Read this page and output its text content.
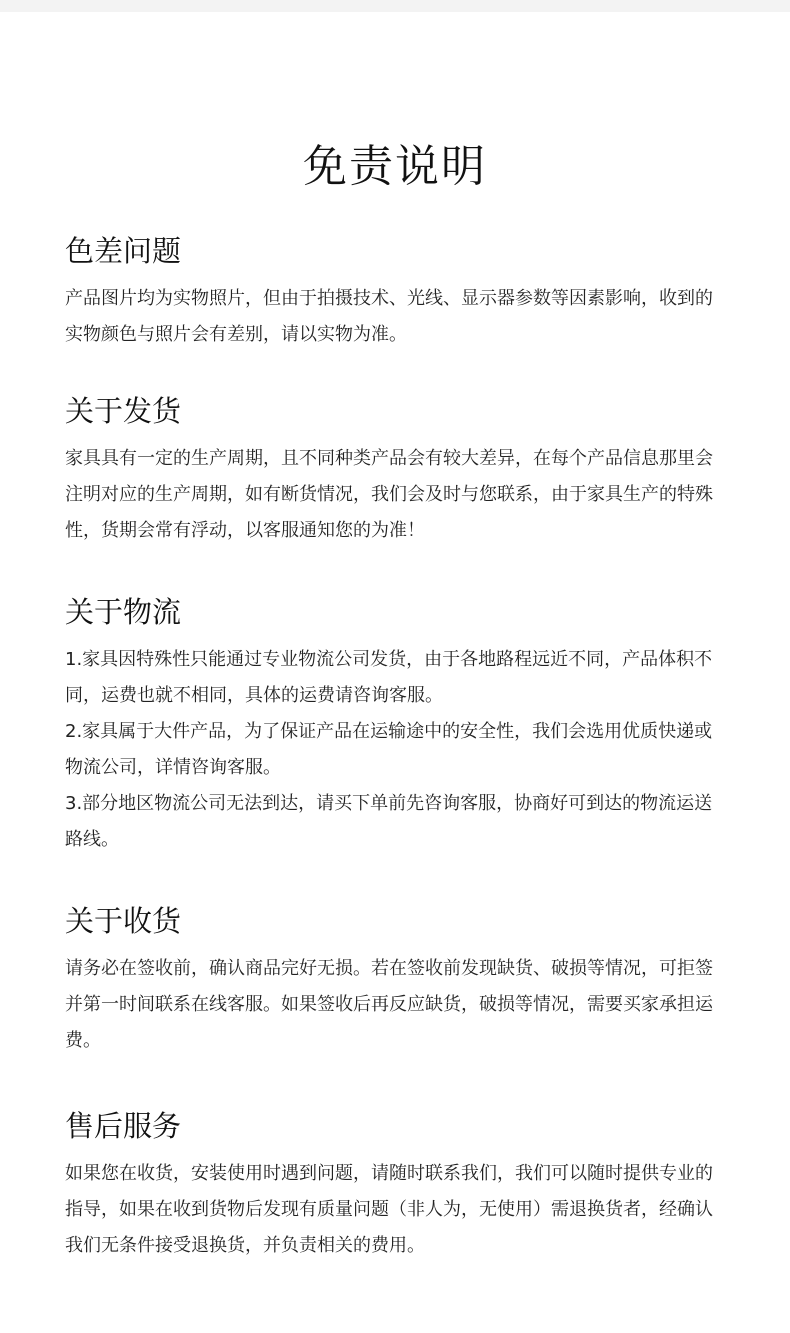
免责说明
色差问题

产品图片均为实物照片，但由于拍摄技术、光线、显示器参数等因素影响，收到的实物颜色与照片会有差别，请以实物为准。

关于发货

家具具有一定的生产周期，且不同种类产品会有较大差异，在每个产品信息那里会注明对应的生产周期，如有断货情况，我们会及时与您联系，由于家具生产的特殊性，货期会常有浮动，以客服通知您的为准！

关于物流

1.家具因特殊性只能通过专业物流公司发货，由于各地路程远近不同，产品体积不同，运费也就不相同，具体的运费请咨询客服。

2.家具属于大件产品，为了保证产品在运输途中的安全性，我们会选用优质快递或物流公司，详情咨询客服。

3.部分地区物流公司无法到达，请买下单前先咨询客服，协商好可到达的物流运送路线。

关于收货

请务必在签收前，确认商品完好无损。若在签收前发现缺货、破损等情况，可拒签并第一时间联系在线客服。如果签收后再反应缺货，破损等情况，需要买家承担运费。

售后服务

如果您在收货，安装使用时遇到问题，请随时联系我们，我们可以随时提供专业的指导，如果在收到货物后发现有质量问题（非人为，无使用）需退换货者，经确认我们无条件接受退换货，并负责相关的费用。
